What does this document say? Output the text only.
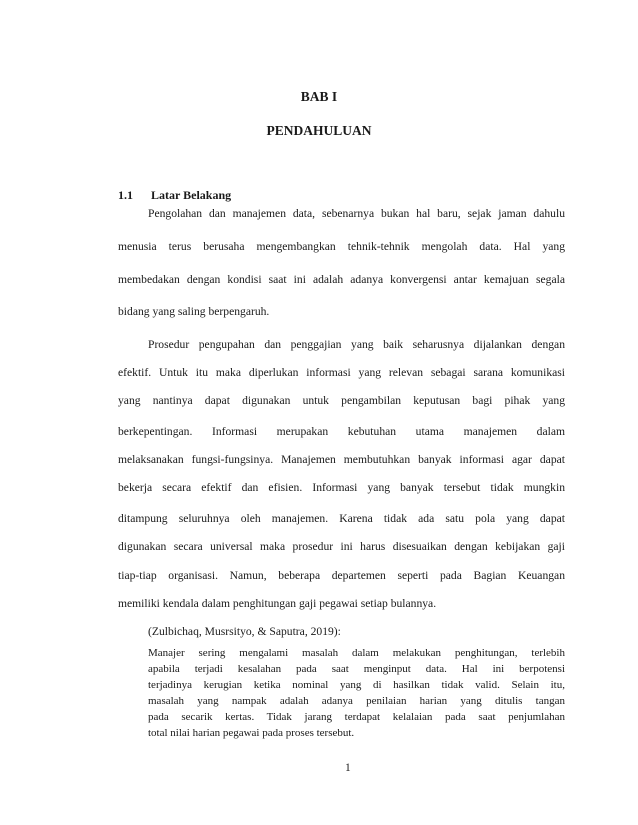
BAB I
PENDAHULUAN
1.1 Latar Belakang
Pengolahan dan manajemen data, sebenarnya bukan hal baru, sejak jaman dahulu
menusia terus berusaha mengembangkan tehnik-tehnik mengolah data. Hal yang
membedakan dengan kondisi saat ini adalah adanya konvergensi antar kemajuan segala
bidang yang saling berpengaruh.
Prosedur pengupahan dan penggajian yang baik seharusnya dijalankan dengan
efektif. Untuk itu maka diperlukan informasi yang relevan sebagai sarana komunikasi
yang nantinya dapat digunakan untuk pengambilan keputusan bagi pihak yang
berkepentingan. Informasi merupakan kebutuhan utama manajemen dalam
melaksanakan fungsi-fungsinya. Manajemen membutuhkan banyak informasi agar dapat
bekerja secara efektif dan efisien. Informasi yang banyak tersebut tidak mungkin
ditampung seluruhnya oleh manajemen. Karena tidak ada satu pola yang dapat
digunakan secara universal maka prosedur ini harus disesuaikan dengan kebijakan gaji
tiap-tiap organisasi. Namun, beberapa departemen seperti pada Bagian Keuangan
memiliki kendala dalam penghitungan gaji pegawai setiap bulannya.
(Zulbichaq, Musrsityo, & Saputra, 2019):
Manajer sering mengalami masalah dalam melakukan penghitungan, terlebih
apabila terjadi kesalahan pada saat menginput data. Hal ini berpotensi
terjadinya kerugian ketika nominal yang di hasilkan tidak valid. Selain itu,
masalah yang nampak adalah adanya penilaian harian yang ditulis tangan
pada secarik kertas. Tidak jarang terdapat kelalaian pada saat penjumlahan
total nilai harian pegawai pada proses tersebut.
1
